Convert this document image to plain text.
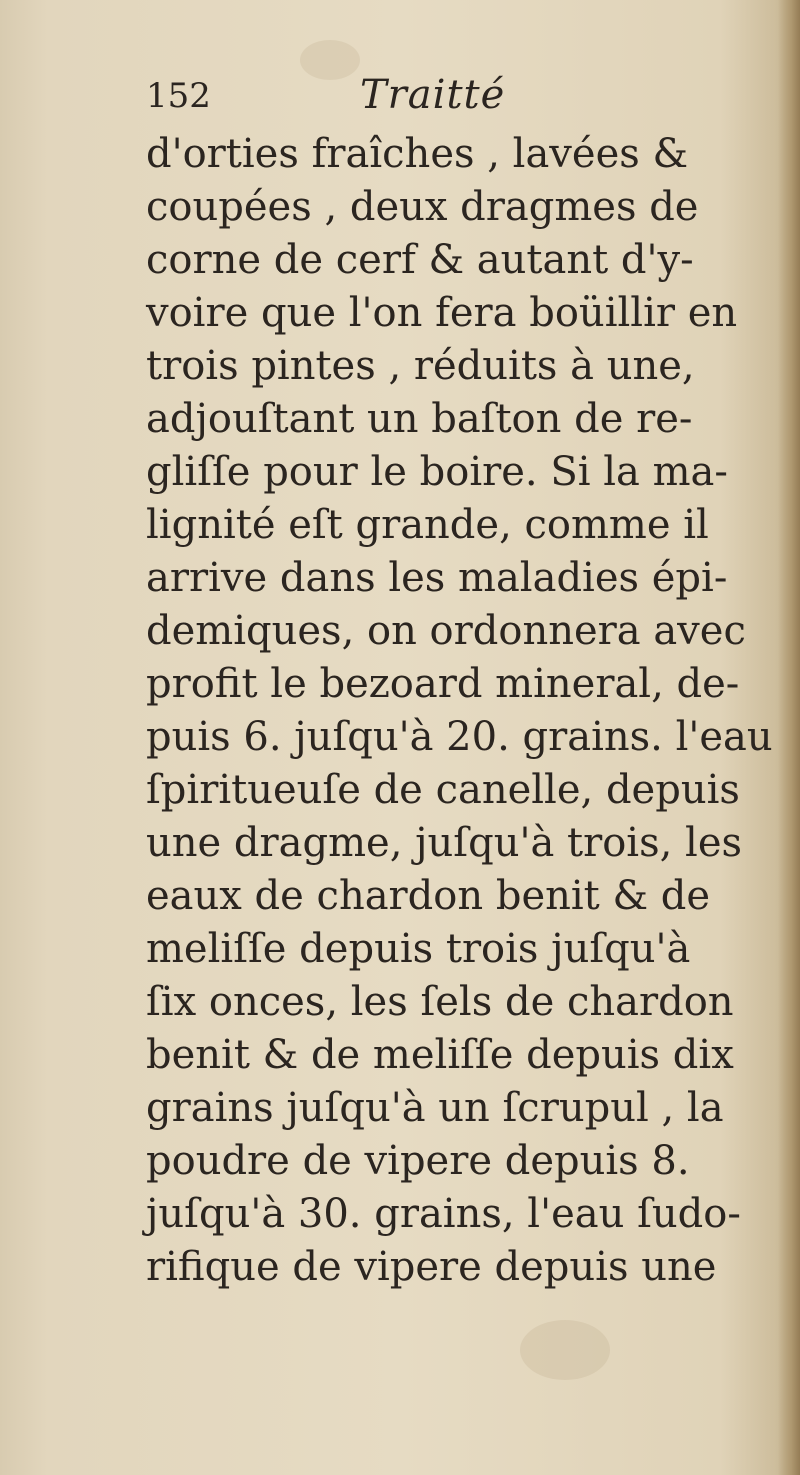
152	Traitté
d'orties fraîches , lavées &
coupées , deux dragmes de
corne de cerf & autant d'y-
voire que l'on fera boüillir en
trois pintes , réduits à une,
adjouſtant un baſton de re-
gliſſe pour le boire. Si la ma-
lignité eſt grande, comme il
arrive dans les maladies épi-
demiques, on ordonnera avec
profit le bezoard mineral, de-
puis 6. juſqu'à 20. grains. l'eau
ſpiritueuſe de canelle, depuis
une dragme, juſqu'à trois, les
eaux de chardon benit & de
meliſſe depuis trois juſqu'à
ſix onces, les ſels de chardon
benit & de meliſſe depuis dix
grains juſqu'à un ſcrupul , la
poudre de vipere depuis 8.
juſqu'à 30. grains, l'eau ſudo-
rifique de vipere depuis une
